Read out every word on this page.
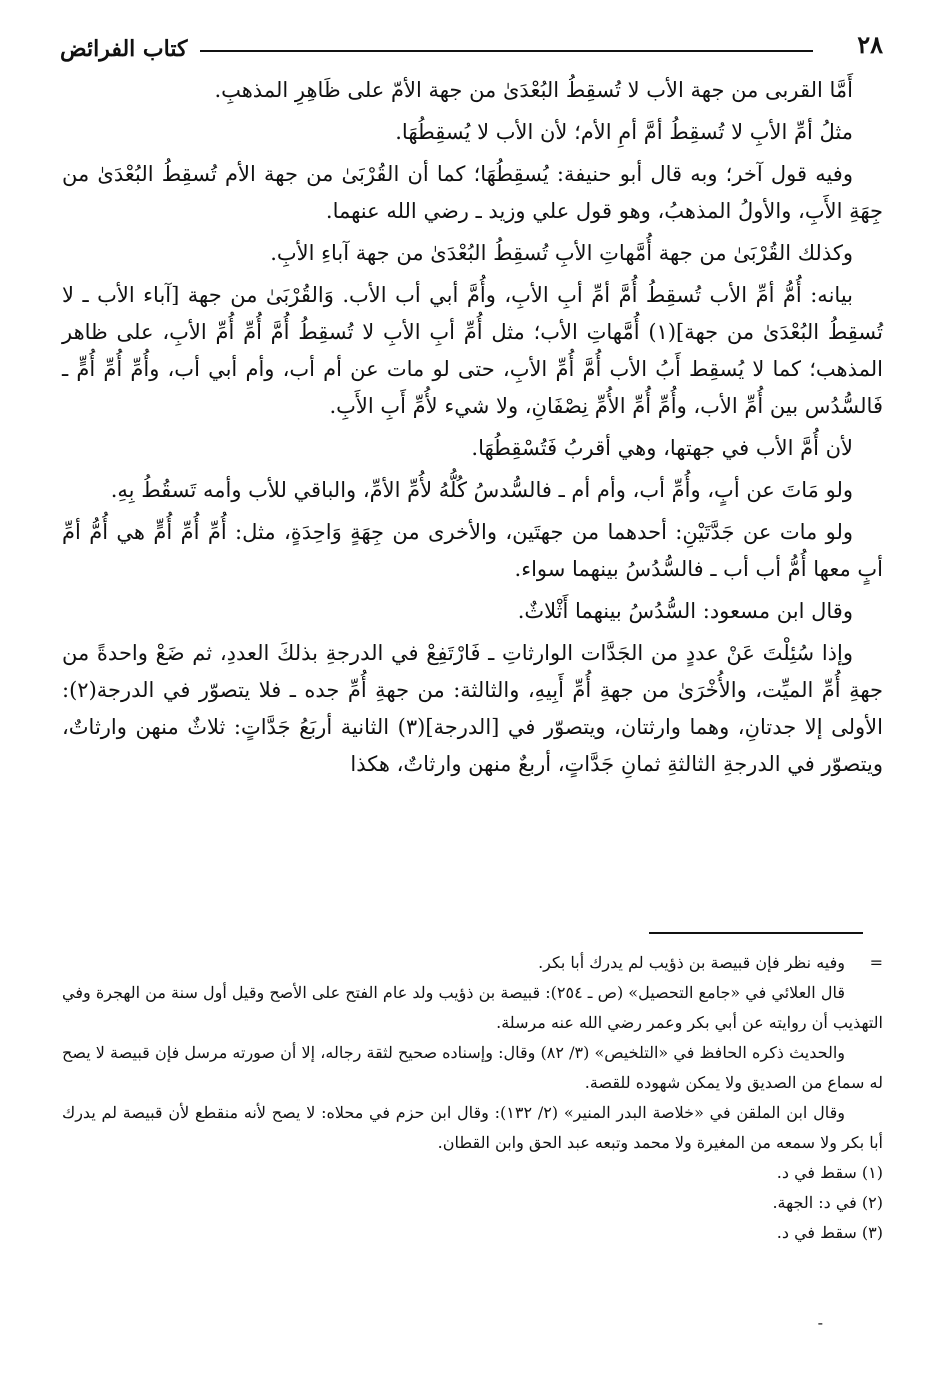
٢٨
كتاب الفرائض

أَمَّا القربى من جهة الأب لا تُسقِطُ البُعْدَىٰ من جهة الأمّ على ظَاهِرِ المذهبِ.

مثلُ أمِّ الأبِ لا تُسقِطُ أمَّ أمِ الأم؛ لأن الأب لا يُسقِطُهَا.

وفيه قول آخر؛ وبه قال أبو حنيفة: يُسقِطُهَا؛ كما أن القُرْبَىٰ من جهة الأم تُسقِطُ البُعْدَىٰ من جِهَةِ الأَبِ، والأولُ المذهبُ، وهو قول علي وزيد ـ رضي الله عنهما.

وكذلك القُرْبَىٰ من جهة أُمَّهاتِ الأبِ تُسقِطُ البُعْدَىٰ من جهة آباءِ الأبِ.

بيانه: أُمُّ أمِّ الأب تُسقِطُ أُمَّ أمِّ أبِ الأبِ، وأُمَّ أبي أب الأب. وَالقُرْبَىٰ من جهة [آباء الأب ـ لا تُسقِطُ البُعْدَىٰ من جهة](١) أُمَّهاتِ الأب؛ مثل أُمِّ أبِ الأبِ لا تُسقِطُ أُمَّ أُمِّ أُمِّ الأبِ، على ظاهر المذهب؛ كما لا يُسقِط أَبُ الأب أُمَّ أُمِّ الأبِ، حتى لو مات عن أم أب، وأم أبي أب، وأُمِّ أُمِّ أُمٍّ ـ فَالسُّدُس بين أُمِّ الأب، وأُمِّ أُمِّ الأُمِّ نِصْفَانِ، ولا شيء لأُمِّ أَبِ الأَبِ.

لأن أُمَّ الأب في جهتها، وهي أقربُ فَتُسْقِطُهَا.

ولو مَاتَ عن أبٍ، وأُمِّ أب، وأم أم ـ فالسُّدسُ كُلُّهُ لأُمِّ الأمِّ، والباقي للأب وأمه تَسقُطُ بِهِ.

ولو مات عن جَدَّتَيْنِ: أحدهما من جهتَين، والأخرى من جِهَةٍ وَاحِدَةٍ، مثل: أُمِّ أُمِّ أُمٍّ هي أُمُّ أمِّ أبٍ معها أُمُّ أب أب ـ فالسُّدُسُ بينهما سواء.

وقال ابن مسعود: السُّدُسُ بينهما أَثْلاثٌ.

وإذا سُئِلْتَ عَنْ عددٍ من الجَدَّات الوارثاتِ ـ فَارْتَفِعْ في الدرجةِ بذلكَ العددِ، ثم ضَعْ واحدةً من جهةِ أُمِّ الميِّت، والأُخْرَىٰ من جهةِ أُمِّ أَبِيهِ، والثالثة: من جهةِ أُمِّ جده ـ فلا يتصوّر في الدرجة(٢): الأولى إلا جدتانِ، وهما وارثتان، ويتصوّر في [الدرجة](٣) الثانية أربَعُ جَدَّاتٍ: ثلاثٌ منهن وارثاتٌ، ويتصوّر في الدرجةِ الثالثةِ ثمانِ جَدَّاتٍ، أربعٌ منهن وارثاتٌ، هكذا

=
وفيه نظر فإن قبيصة بن ذؤيب لم يدرك أبا بكر.

قال العلائي في «جامع التحصيل» (ص ـ ٢٥٤): قبيصة بن ذؤيب ولد عام الفتح على الأصح وقيل أول سنة من الهجرة وفي التهذيب أن روايته عن أبي بكر وعمر رضي الله عنه مرسلة.

والحديث ذكره الحافظ في «التلخيص» (٣/ ٨٢) وقال: وإسناده صحيح لثقة رجاله، إلا أن صورته مرسل فإن قبيصة لا يصح له سماع من الصديق ولا يمكن شهوده للقصة.

وقال ابن الملقن في «خلاصة البدر المنير» (٢/ ١٣٢): وقال ابن حزم في محلاه: لا يصح لأنه منقطع لأن قبيصة لم يدرك أبا بكر ولا سمعه من المغيرة ولا محمد وتبعه عبد الحق وابن القطان.

(١) سقط في د.

(٢) في د: الجهة.

(٣) سقط في د.

-
